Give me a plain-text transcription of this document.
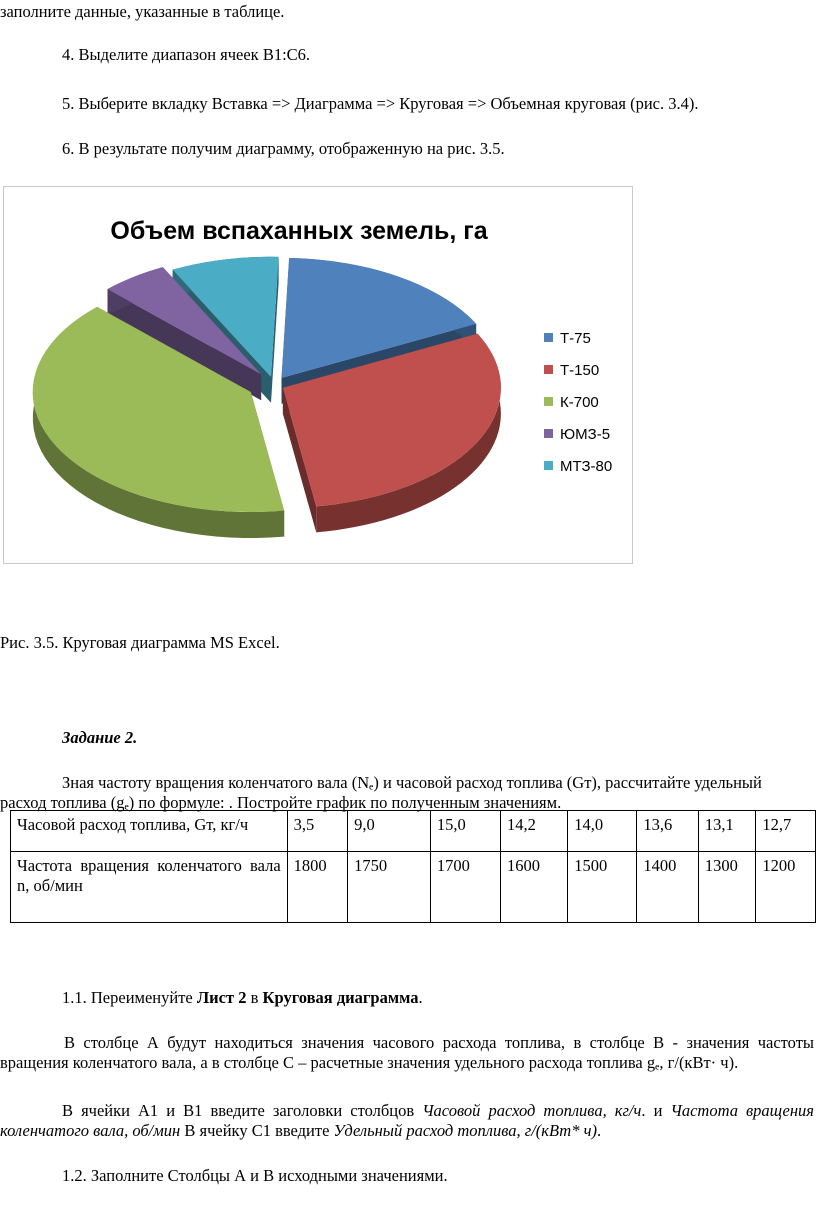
заполните данные, указанные в таблице.
4. Выделите диапазон ячеек B1:C6.
5. Выберите вкладку Вставка => Диаграмма => Круговая => Объемная круговая (рис. 3.4).
6. В результате получим диаграмму, отображенную на рис. 3.5.
Объем вспаханных земель, га
Т-75
Т-150
К-700
ЮМЗ-5
МТЗ-80
Рис. 3.5. Круговая диаграмма MS Excel.
Задание 2.
Зная частоту вращения коленчатого вала (Nₑ) и часовой расход топлива (Gᴛ), рассчитайте удельный
расход топлива (gₑ) по формуле: . Постройте график по полученным значениям.
Часовой расход топлива, Gт, кг/ч	3,5	9,0	15,0	14,2	14,0	13,6	13,1	12,7
Частота вращения коленчатого вала n, об/мин	1800	1750	1700	1600	1500	1400	1300	1200
1.1. Переименуйте Лист 2 в Круговая диаграмма.
В столбце А будут находиться значения часового расхода топлива, в столбце В - значения частоты
вращения коленчатого вала, а в столбце С – расчетные значения удельного расхода топлива gₑ, г/(кВт· ч).
В ячейки А1 и В1 введите заголовки столбцов Часовой расход топлива, кг/ч. и Частота вращения
коленчатого вала, об/мин В ячейку С1 введите Удельный расход топлива, г/(кВт* ч).
1.2. Заполните Столбцы А и В исходными значениями.
